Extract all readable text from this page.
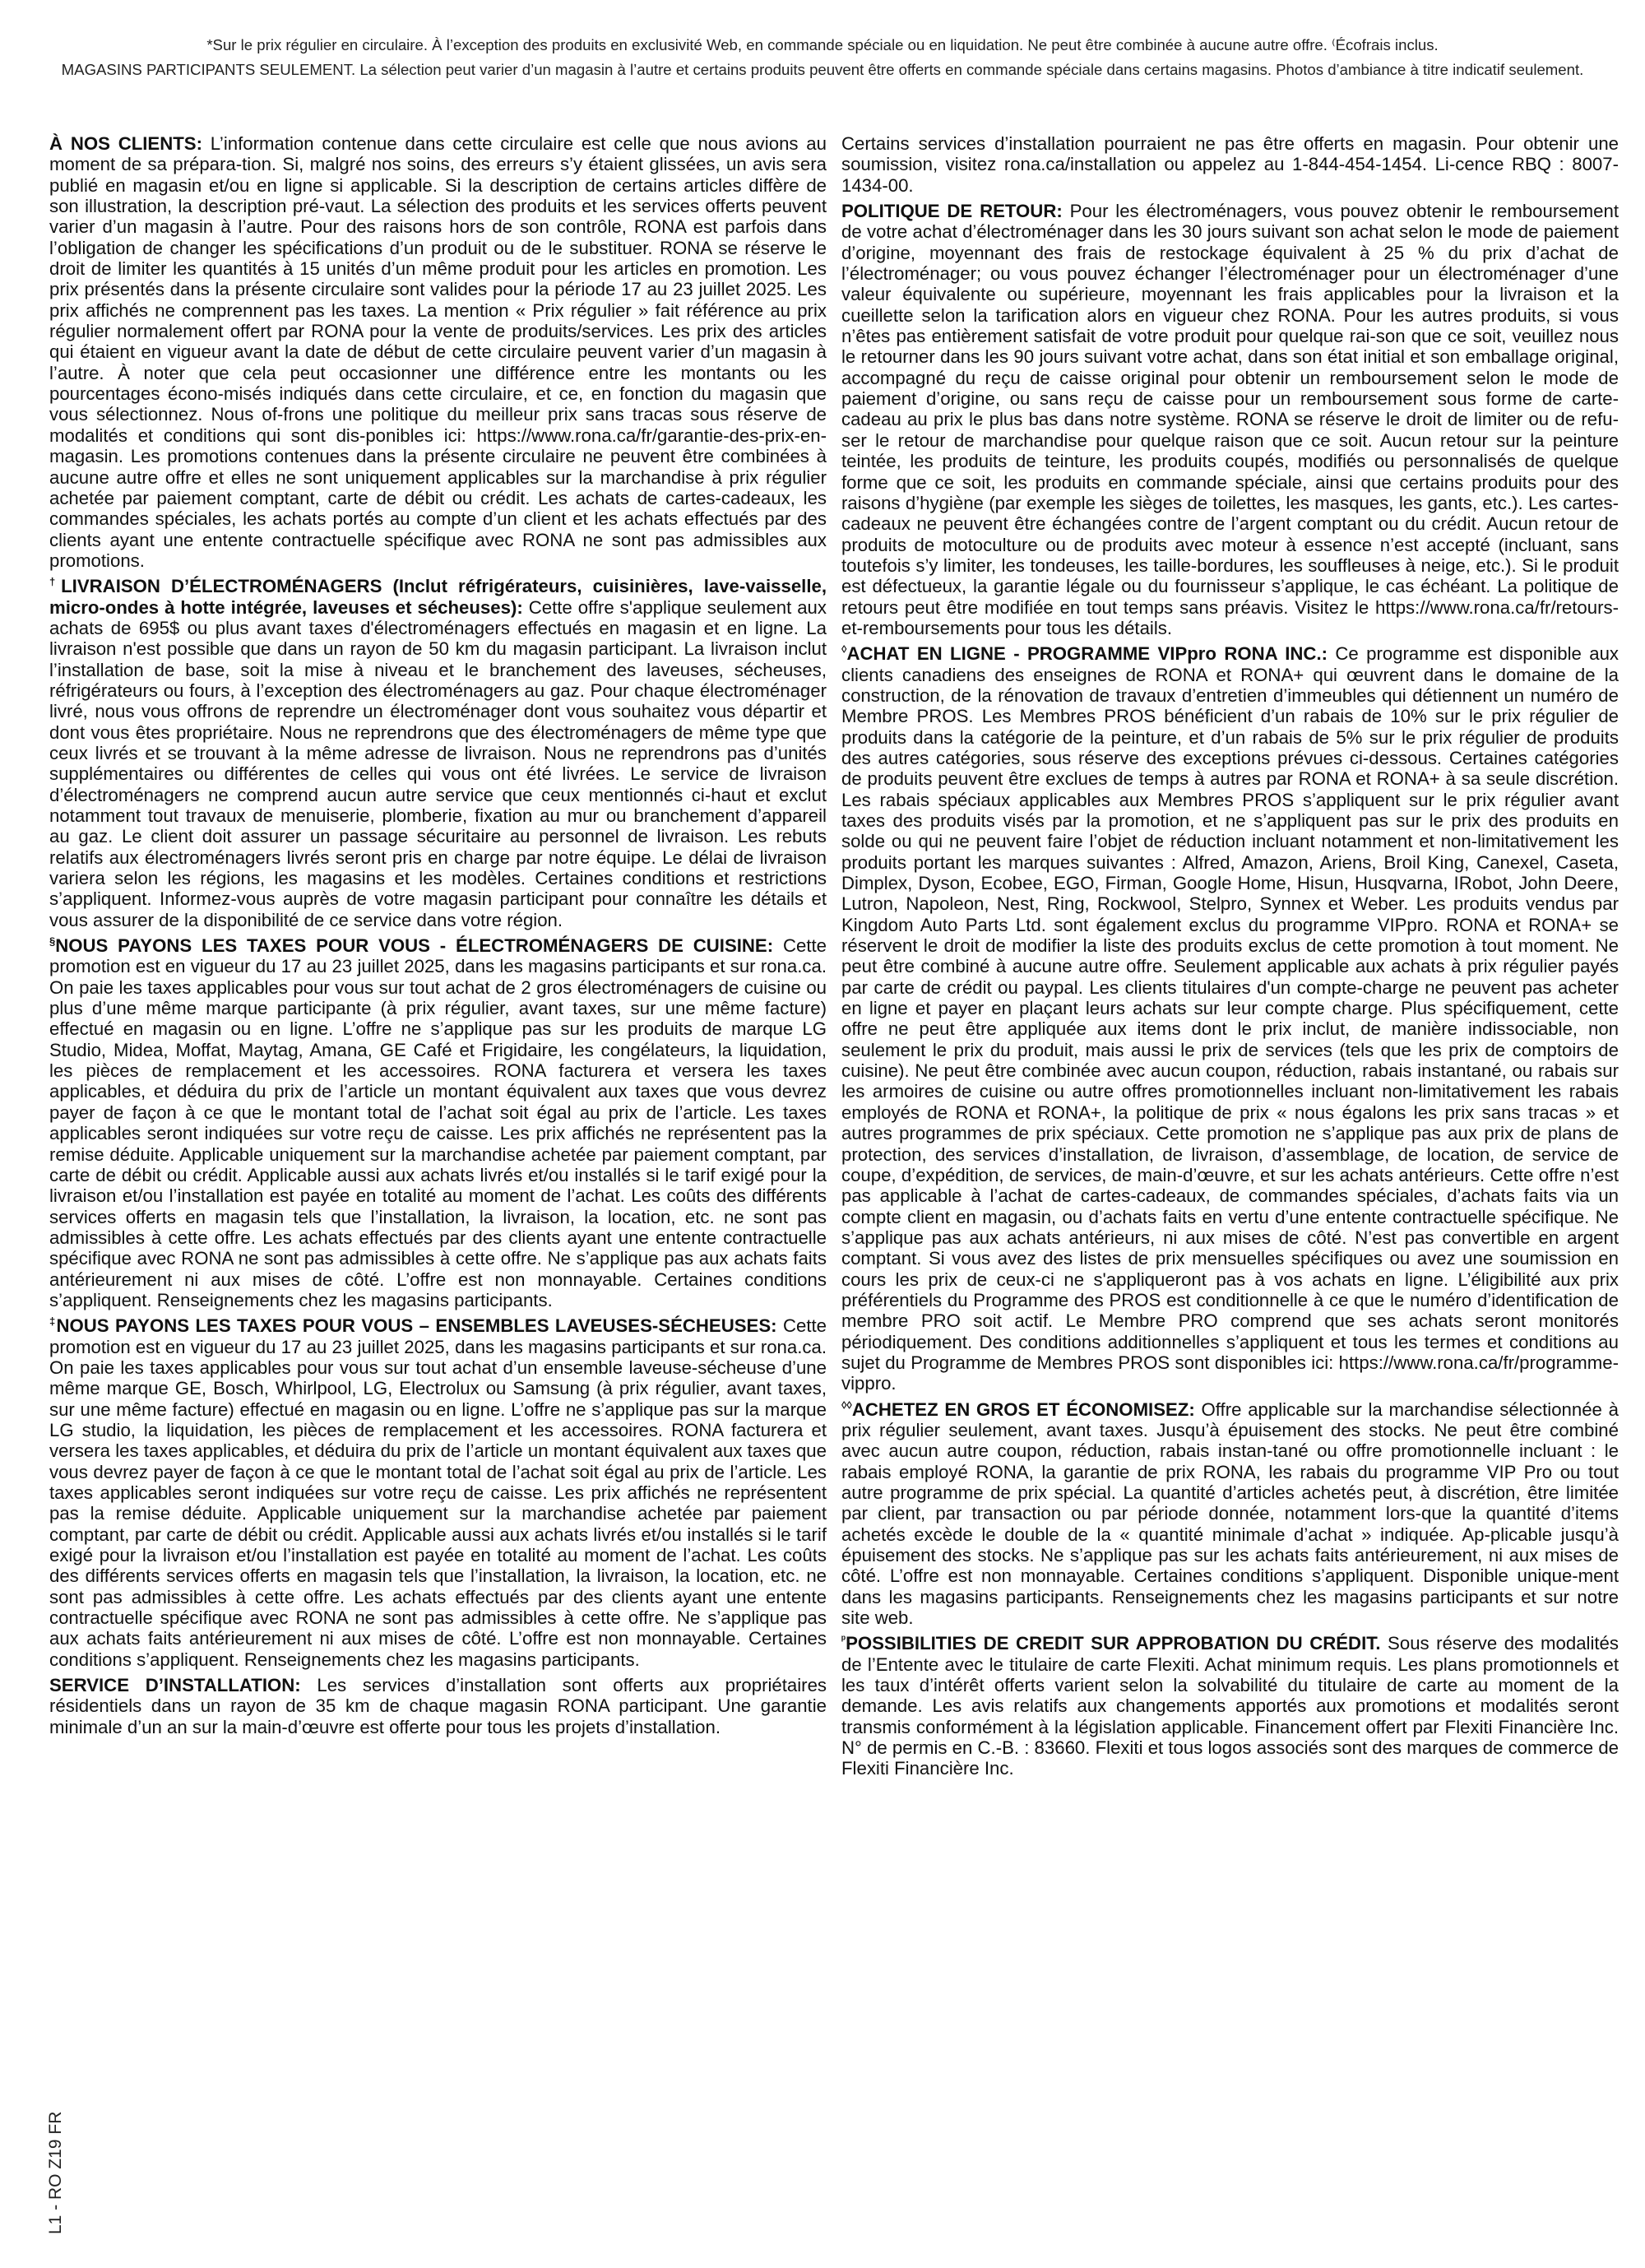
*Sur le prix régulier en circulaire. À l’exception des produits en exclusivité Web, en commande spéciale ou en liquidation. Ne peut être combinée à aucune autre offre. ⁽Écofrais inclus.
MAGASINS PARTICIPANTS SEULEMENT. La sélection peut varier d’un magasin à l’autre et certains produits peuvent être offerts en commande spéciale dans certains magasins. Photos d’ambiance à titre indicatif seulement.

À NOS CLIENTS: L’information contenue dans cette circulaire est celle que nous avions au moment de sa prépara-tion. Si, malgré nos soins, des erreurs s’y étaient glissées, un avis sera publié en magasin et/ou en ligne si applicable. Si la description de certains articles diffère de son illustration, la description pré-vaut. La sélection des produits et les services offerts peuvent varier d’un magasin à l’autre. Pour des raisons hors de son contrôle, RONA est parfois dans l’obligation de changer les spécifications d’un produit ou de le substituer. RONA se réserve le droit de limiter les quantités à 15 unités d’un même produit pour les articles en promotion. Les prix présentés dans la présente circulaire sont valides pour la période 17 au 23 juillet 2025. Les prix affichés ne comprennent pas les taxes. La mention « Prix régulier » fait référence au prix régulier normalement offert par RONA pour la vente de produits/services. Les prix des articles qui étaient en vigueur avant la date de début de cette circulaire peuvent varier d’un magasin à l’autre. À noter que cela peut occasionner une différence entre les montants ou les pourcentages écono-misés indiqués dans cette circulaire, et ce, en fonction du magasin que vous sélectionnez. Nous of-frons une politique du meilleur prix sans tracas sous réserve de modalités et conditions qui sont dis-ponibles ici: https://www.rona.ca/fr/garantie-des-prix-en-magasin. Les promotions contenues dans la présente circulaire ne peuvent être combinées à aucune autre offre et elles ne sont uniquement applicables sur la marchandise à prix régulier achetée par paiement comptant, carte de débit ou crédit. Les achats de cartes-cadeaux, les commandes spéciales, les achats portés au compte d’un client et les achats effectués par des clients ayant une entente contractuelle spécifique avec RONA ne sont pas admissibles aux promotions.

†LIVRAISON D’ÉLECTROMÉNAGERS (Inclut réfrigérateurs, cuisinières, lave-vaisselle, micro-ondes à hotte intégrée, laveuses et sécheuses): Cette offre s'applique seulement aux achats de 695$ ou plus avant taxes d'électroménagers effectués en magasin et en ligne. La livraison n'est possible que dans un rayon de 50 km du magasin participant. La livraison inclut l’installation de base, soit la mise à niveau et le branchement des laveuses, sécheuses, réfrigérateurs ou fours, à l’exception des électroménagers au gaz. Pour chaque électroménager livré, nous vous offrons de reprendre un électroménager dont vous souhaitez vous départir et dont vous êtes propriétaire. Nous ne reprendrons que des électroménagers de même type que ceux livrés et se trouvant à la même adresse de livraison. Nous ne reprendrons pas d’unités supplémentaires ou différentes de celles qui vous ont été livrées. Le service de livraison d’électroménagers ne comprend aucun autre service que ceux mentionnés ci-haut et exclut notamment tout travaux de menuiserie, plomberie, fixation au mur ou branchement d’appareil au gaz. Le client doit assurer un passage sécuritaire au personnel de livraison. Les rebuts relatifs aux électroménagers livrés seront pris en charge par notre équipe. Le délai de livraison variera selon les régions, les magasins et les modèles. Certaines conditions et restrictions s’appliquent. Informez-vous auprès de votre magasin participant pour connaître les détails et vous assurer de la disponibilité de ce service dans votre région.

§NOUS PAYONS LES TAXES POUR VOUS - ÉLECTROMÉNAGERS DE CUISINE: Cette promotion est en vigueur du 17 au 23 juillet 2025, dans les magasins participants et sur rona.ca. On paie les taxes applicables pour vous sur tout achat de 2 gros électroménagers de cuisine ou plus d’une même marque participante (à prix régulier, avant taxes, sur une même facture) effectué en magasin ou en ligne. L’offre ne s’applique pas sur les produits de marque LG Studio, Midea, Moffat, Maytag, Amana, GE Café et Frigidaire, les congélateurs, la liquidation, les pièces de remplacement et les accessoires. RONA facturera et versera les taxes applicables, et déduira du prix de l’article un montant équivalent aux taxes que vous devrez payer de façon à ce que le montant total de l’achat soit égal au prix de l’article. Les taxes applicables seront indiquées sur votre reçu de caisse. Les prix affichés ne représentent pas la remise déduite. Applicable uniquement sur la marchandise achetée par paiement comptant, par carte de débit ou crédit. Applicable aussi aux achats livrés et/ou installés si le tarif exigé pour la livraison et/ou l’installation est payée en totalité au moment de l’achat. Les coûts des différents services offerts en magasin tels que l’installation, la livraison, la location, etc. ne sont pas admissibles à cette offre. Les achats effectués par des clients ayant une entente contractuelle spécifique avec RONA ne sont pas admissibles à cette offre. Ne s’applique pas aux achats faits antérieurement ni aux mises de côté. L’offre est non monnayable. Certaines conditions s’appliquent. Renseignements chez les magasins participants.

‡NOUS PAYONS LES TAXES POUR VOUS – ENSEMBLES LAVEUSES-SÉCHEUSES: Cette promotion est en vigueur du 17 au 23 juillet 2025, dans les magasins participants et sur rona.ca. On paie les taxes applicables pour vous sur tout achat d’un ensemble laveuse-sécheuse d’une même marque GE, Bosch, Whirlpool, LG, Electrolux ou Samsung (à prix régulier, avant taxes, sur une même facture) effectué en magasin ou en ligne. L’offre ne s’applique pas sur la marque LG studio, la liquidation, les pièces de remplacement et les accessoires. RONA facturera et versera les taxes applicables, et déduira du prix de l’article un montant équivalent aux taxes que vous devrez payer de façon à ce que le montant total de l’achat soit égal au prix de l’article. Les taxes applicables seront indiquées sur votre reçu de caisse. Les prix affichés ne représentent pas la remise déduite. Applicable uniquement sur la marchandise achetée par paiement comptant, par carte de débit ou crédit. Applicable aussi aux achats livrés et/ou installés si le tarif exigé pour la livraison et/ou l’installation est payée en totalité au moment de l’achat. Les coûts des différents services offerts en magasin tels que l’installation, la livraison, la location, etc. ne sont pas admissibles à cette offre. Les achats effectués par des clients ayant une entente contractuelle spécifique avec RONA ne sont pas admissibles à cette offre. Ne s’applique pas aux achats faits antérieurement ni aux mises de côté. L’offre est non monnayable. Certaines conditions s’appliquent. Renseignements chez les magasins participants.

SERVICE D’INSTALLATION: Les services d’installation sont offerts aux propriétaires résidentiels dans un rayon de 35 km de chaque magasin RONA participant. Une garantie minimale d’un an sur la main-d’œuvre est offerte pour tous les projets d’installation.

Certains services d’installation pourraient ne pas être offerts en magasin. Pour obtenir une soumission, visitez rona.ca/installation ou appelez au 1-844-454-1454. Li-cence RBQ : 8007-1434-00.

POLITIQUE DE RETOUR: Pour les électroménagers, vous pouvez obtenir le remboursement de votre achat d’électroménager dans les 30 jours suivant son achat selon le mode de paiement d’origine, moyennant des frais de restockage équivalent à 25 % du prix d’achat de l’électroménager; ou vous pouvez échanger l’électroménager pour un électroménager d’une valeur équivalente ou supérieure, moyennant les frais applicables pour la livraison et la cueillette selon la tarification alors en vigueur chez RONA. Pour les autres produits, si vous n’êtes pas entièrement satisfait de votre produit pour quelque rai-son que ce soit, veuillez nous le retourner dans les 90 jours suivant votre achat, dans son état initial et son emballage original, accompagné du reçu de caisse original pour obtenir un remboursement selon le mode de paiement d’origine, ou sans reçu de caisse pour un remboursement sous forme de carte-cadeau au prix le plus bas dans notre système. RONA se réserve le droit de limiter ou de refu-ser le retour de marchandise pour quelque raison que ce soit. Aucun retour sur la peinture teintée, les produits de teinture, les produits coupés, modifiés ou personnalisés de quelque forme que ce soit, les produits en commande spéciale, ainsi que certains produits pour des raisons d’hygiène (par exemple les sièges de toilettes, les masques, les gants, etc.). Les cartes-cadeaux ne peuvent être échangées contre de l’argent comptant ou du crédit. Aucun retour de produits de motoculture ou de produits avec moteur à essence n’est accepté (incluant, sans toutefois s’y limiter, les tondeuses, les taille-bordures, les souffleuses à neige, etc.). Si le produit est défectueux, la garantie légale ou du fournisseur s’applique, le cas échéant. La politique de retours peut être modifiée en tout temps sans préavis. Visitez le https://www.rona.ca/fr/retours-et-remboursements pour tous les détails.

◊ACHAT EN LIGNE - PROGRAMME VIPpro RONA INC.: Ce programme est disponible aux clients canadiens des enseignes de RONA et RONA+ qui œuvrent dans le domaine de la construction, de la rénovation de travaux d’entretien d’immeubles qui détiennent un numéro de Membre PROS. Les Membres PROS bénéficient d’un rabais de 10% sur le prix régulier de produits dans la catégorie de la peinture, et d’un rabais de 5% sur le prix régulier de produits des autres catégories, sous réserve des exceptions prévues ci-dessous. Certaines catégories de produits peuvent être exclues de temps à autres par RONA et RONA+ à sa seule discrétion. Les rabais spéciaux applicables aux Membres PROS s’appliquent sur le prix régulier avant taxes des produits visés par la promotion, et ne s’appliquent pas sur le prix des produits en solde ou qui ne peuvent faire l’objet de réduction incluant notamment et non-limitativement les produits portant les marques suivantes : Alfred, Amazon, Ariens, Broil King, Canexel, Caseta, Dimplex, Dyson, Ecobee, EGO, Firman, Google Home, Hisun, Husqvarna, IRobot, John Deere, Lutron, Napoleon, Nest, Ring, Rockwool, Stelpro, Synnex et Weber. Les produits vendus par Kingdom Auto Parts Ltd. sont également exclus du programme VIPpro. RONA et RONA+ se réservent le droit de modifier la liste des produits exclus de cette promotion à tout moment. Ne peut être combiné à aucune autre offre. Seulement applicable aux achats à prix régulier payés par carte de crédit ou paypal. Les clients titulaires d'un compte-charge ne peuvent pas acheter en ligne et payer en plaçant leurs achats sur leur compte charge. Plus spécifiquement, cette offre ne peut être appliquée aux items dont le prix inclut, de manière indissociable, non seulement le prix du produit, mais aussi le prix de services (tels que les prix de comptoirs de cuisine). Ne peut être combinée avec aucun coupon, réduction, rabais instantané, ou rabais sur les armoires de cuisine ou autre offres promotionnelles incluant non-limitativement les rabais employés de RONA et RONA+, la politique de prix « nous égalons les prix sans tracas » et autres programmes de prix spéciaux. Cette promotion ne s’applique pas aux prix de plans de protection, des services d’installation, de livraison, d’assemblage, de location, de service de coupe, d’expédition, de services, de main-d’œuvre, et sur les achats antérieurs. Cette offre n’est pas applicable à l’achat de cartes-cadeaux, de commandes spéciales, d’achats faits via un compte client en magasin, ou d’achats faits en vertu d’une entente contractuelle spécifique. Ne s’applique pas aux achats antérieurs, ni aux mises de côté. N’est pas convertible en argent comptant. Si vous avez des listes de prix mensuelles spécifiques ou avez une soumission en cours les prix de ceux-ci ne s'appliqueront pas à vos achats en ligne. L’éligibilité aux prix préférentiels du Programme des PROS est conditionnelle à ce que le numéro d’identification de membre PRO soit actif. Le Membre PRO comprend que ses achats seront monitorés périodiquement. Des conditions additionnelles s’appliquent et tous les termes et conditions au sujet du Programme de Membres PROS sont disponibles ici: https://www.rona.ca/fr/programme-vippro.

◊◊ACHETEZ EN GROS ET ÉCONOMISEZ: Offre applicable sur la marchandise sélectionnée à prix régulier seulement, avant taxes. Jusqu’à épuisement des stocks. Ne peut être combiné avec aucun autre coupon, réduction, rabais instan-tané ou offre promotionnelle incluant : le rabais employé RONA, la garantie de prix RONA, les rabais du programme VIP Pro ou tout autre programme de prix spécial. La quantité d’articles achetés peut, à discrétion, être limitée par client, par transaction ou par période donnée, notamment lors-que la quantité d’items achetés excède le double de la « quantité minimale d’achat » indiquée. Ap-plicable jusqu’à épuisement des stocks. Ne s’applique pas sur les achats faits antérieurement, ni aux mises de côté. L’offre est non monnayable. Certaines conditions s’appliquent. Disponible unique-ment dans les magasins participants. Renseignements chez les magasins participants et sur notre site web.

$^ᵖ$POSSIBILITIES DE CREDIT SUR APPROBATION DU CRÉDIT. Sous réserve des modalités de l’Entente avec le titulaire de carte Flexiti. Achat minimum requis. Les plans promotionnels et les taux d’intérêt offerts varient selon la solvabilité du titulaire de carte au moment de la demande. Les avis relatifs aux changements apportés aux promotions et modalités seront transmis conformément à la législation applicable. Financement offert par Flexiti Financière Inc. N° de permis en C.-B. : 83660. Flexiti et tous logos associés sont des marques de commerce de Flexiti Financière Inc.

L1 - RO Z19 FR
